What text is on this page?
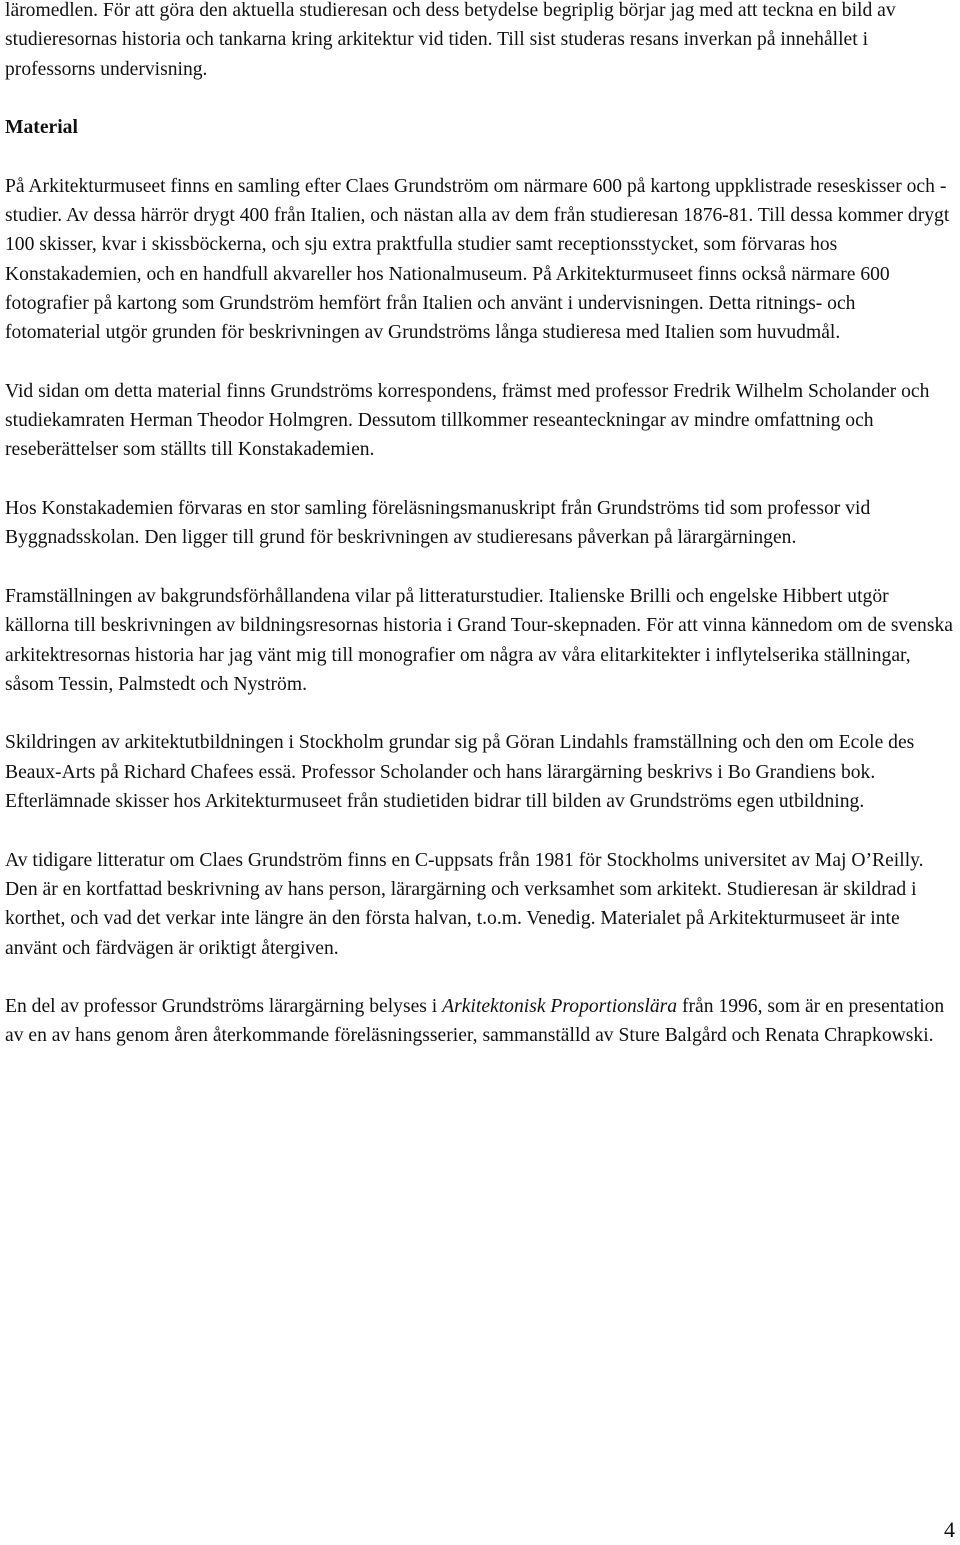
läromedlen. För att göra den aktuella studieresan och dess betydelse begriplig börjar jag med att teckna en bild av studieresornas historia och tankarna kring arkitektur vid tiden. Till sist studeras resans inverkan på innehållet i professorns undervisning.

Material

På Arkitekturmuseet finns en samling efter Claes Grundström om närmare 600 på kartong uppklistrade reseskisser och -studier. Av dessa härrör drygt 400 från Italien, och nästan alla av dem från studieresan 1876-81. Till dessa kommer drygt 100 skisser, kvar i skissböckerna, och sju extra praktfulla studier samt receptionsstycket, som förvaras hos Konstakademien, och en handfull akvareller hos Nationalmuseum. På Arkitekturmuseet finns också närmare 600 fotografier på kartong som Grundström hemfört från Italien och använt i undervisningen. Detta ritnings- och fotomaterial utgör grunden för beskrivningen av Grundströms långa studieresa med Italien som huvudmål.

Vid sidan om detta material finns Grundströms korrespondens, främst med professor Fredrik Wilhelm Scholander och studiekamraten Herman Theodor Holmgren. Dessutom tillkommer reseanteckningar av mindre omfattning och reseberättelser som ställts till Konstakademien.

Hos Konstakademien förvaras en stor samling föreläsningsmanuskript från Grundströms tid som professor vid Byggnadsskolan. Den ligger till grund för beskrivningen av studieresans påverkan på lärargärningen.

Framställningen av bakgrundsförhållandena vilar på litteraturstudier. Italienske Brilli och engelske Hibbert utgör källorna till beskrivningen av bildningsresornas historia i Grand Tour-skepnaden. För att vinna kännedom om de svenska arkitektresornas historia har jag vänt mig till monografier om några av våra elitarkitekter i inflytelserika ställningar, såsom Tessin, Palmstedt och Nyström.

Skildringen av arkitektutbildningen i Stockholm grundar sig på Göran Lindahls framställning och den om Ecole des Beaux-Arts på Richard Chafees essä. Professor Scholander och hans lärargärning beskrivs i Bo Grandiens bok. Efterlämnade skisser hos Arkitekturmuseet från studietiden bidrar till bilden av Grundströms egen utbildning.

Av tidigare litteratur om Claes Grundström finns en C-uppsats från 1981 för Stockholms universitet av Maj O’Reilly. Den är en kortfattad beskrivning av hans person, lärargärning och verksamhet som arkitekt. Studieresan är skildrad i korthet, och vad det verkar inte längre än den första halvan, t.o.m. Venedig. Materialet på Arkitekturmuseet är inte använt och färdvägen är oriktigt återgiven.

En del av professor Grundströms lärargärning belyses i Arkitektonisk Proportionslära från 1996, som är en presentation av en av hans genom åren återkommande föreläsningsserier, sammanställd av Sture Balgård och Renata Chrapkowski.

4
